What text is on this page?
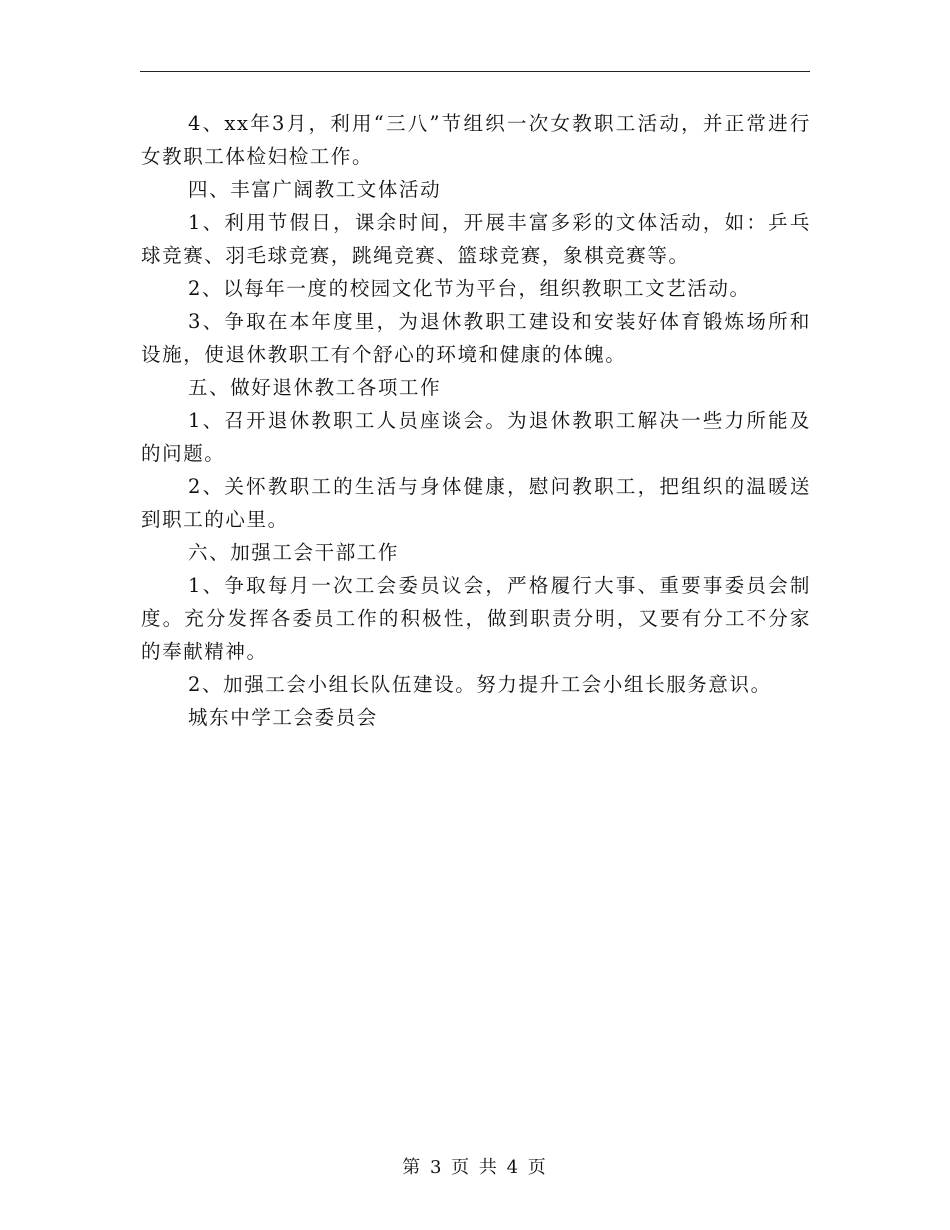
4、xx年3月，利用“三八”节组织一次女教职工活动，并正常进行女教职工体检妇检工作。

四、丰富广阔教工文体活动

1、利用节假日，课余时间，开展丰富多彩的文体活动，如：乒乓球竞赛、羽毛球竞赛，跳绳竞赛、篮球竞赛，象棋竞赛等。

2、以每年一度的校园文化节为平台，组织教职工文艺活动。

3、争取在本年度里，为退休教职工建设和安装好体育锻炼场所和设施，使退休教职工有个舒心的环境和健康的体魄。

五、做好退休教工各项工作

1、召开退休教职工人员座谈会。为退休教职工解决一些力所能及的问题。

2、关怀教职工的生活与身体健康，慰问教职工，把组织的温暖送到职工的心里。

六、加强工会干部工作

1、争取每月一次工会委员议会，严格履行大事、重要事委员会制度。充分发挥各委员工作的积极性，做到职责分明，又要有分工不分家的奉献精神。

2、加强工会小组长队伍建设。努力提升工会小组长服务意识。

城东中学工会委员会

第 3 页 共 4 页
